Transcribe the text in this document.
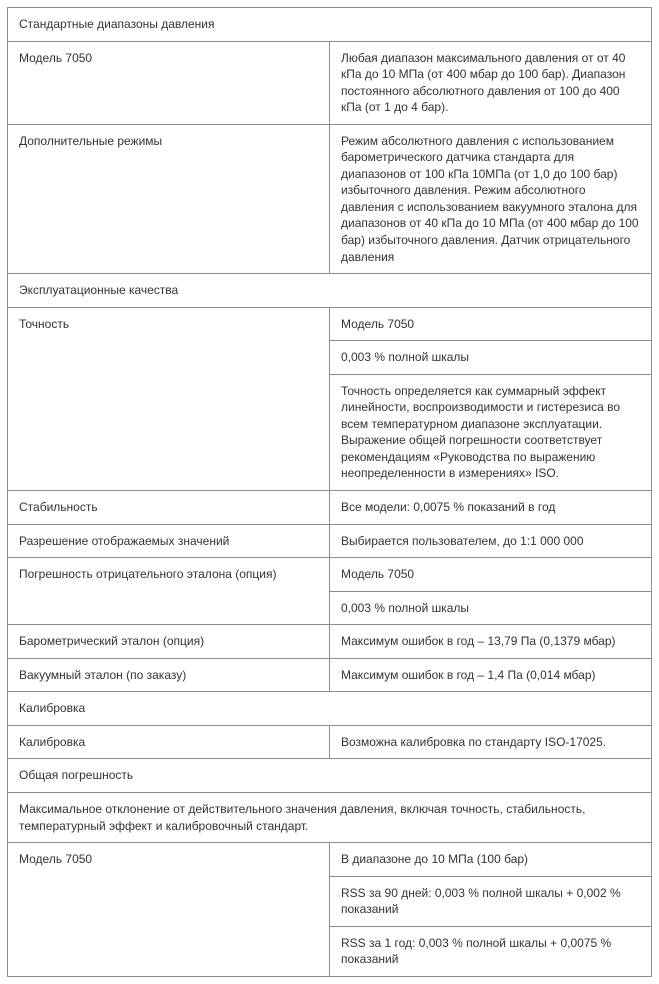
Стандартные диапазоны давления	
Модель 7050	Любая диапазон максимального давления от от 40 кПа до 10 МПа (от 400 мбар до 100 бар). Диапазон постоянного абсолютного давления от 100 до 400 кПа (от 1 до 4 бар).
Дополнительные режимы	Режим абсолютного давления с использованием барометрического датчика стандарта для диапазонов от 100 кПа 10МПа (от 1,0 до 100 бар) избыточного давления. Режим абсолютного давления с использованием вакуумного эталона для диапазонов от 40 кПа до 10 МПа (от 400 мбар до 100 бар) избыточного давления. Датчик отрицательного давления
Эксплуатационные качества	
Точность	Модель 7050
	0,003 % полной шкалы
	Точность определяется как суммарный эффект линейности, воспроизводимости и гистерезиса во всем температурном диапазоне эксплуатации. Выражение общей погрешности соответствует рекомендациям «Руководства по выражению неопределенности в измерениях» ISO.
Стабильность	Все модели: 0,0075 % показаний в год
Разрешение отображаемых значений	Выбирается пользователем, до 1:1 000 000
Погрешность отрицательного эталона (опция)	Модель 7050
	0,003 % полной шкалы
Барометрический эталон (опция)	Максимум ошибок в год – 13,79 Па (0,1379 мбар)
Вакуумный эталон (по заказу)	Максимум ошибок в год – 1,4 Па (0,014 мбар)
Калибровка	
Калибровка	Возможна калибровка по стандарту ISO-17025.
Общая погрешность	
Максимальное отклонение от действительного значения давления, включая точность, стабильность, температурный эффект и калибровочный стандарт.	
Модель 7050	В диапазоне до 10 МПа (100 бар)
	RSS за 90 дней: 0,003 % полной шкалы + 0,002 % показаний
	RSS за 1 год: 0,003 % полной шкалы + 0,0075 % показаний
